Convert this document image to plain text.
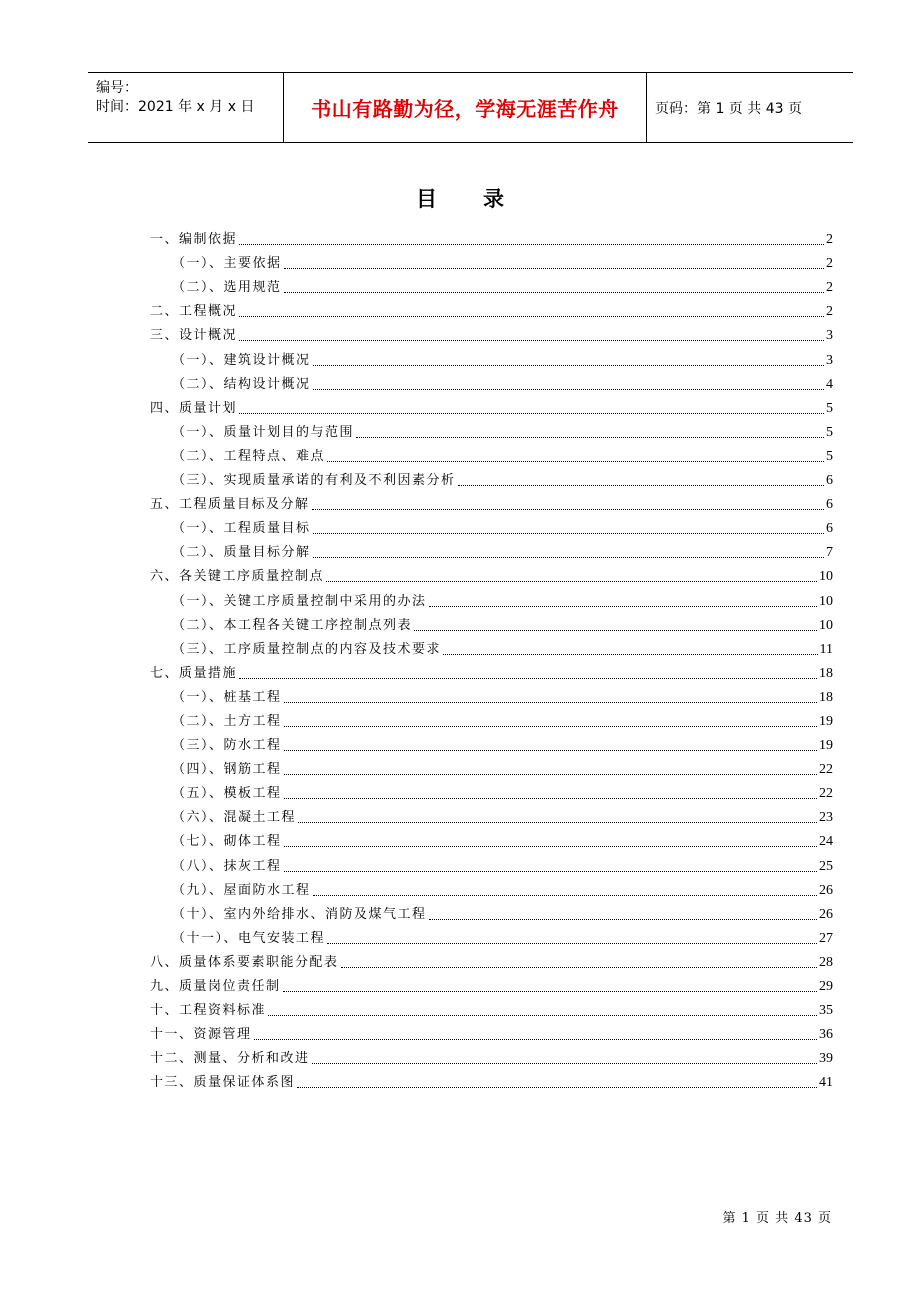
编号：
时间：2021 年 x 月 x 日	书山有路勤为径，学海无涯苦作舟	页码：第 1 页 共 43 页
目 录
一、编制依据	2
（一）、主要依据	2
（二）、选用规范	2
二、工程概况	2
三、设计概况	3
（一）、建筑设计概况	3
（二）、结构设计概况	4
四、质量计划	5
（一）、质量计划目的与范围	5
（二）、工程特点、难点	5
（三）、实现质量承诺的有利及不利因素分析	6
五、工程质量目标及分解	6
（一）、工程质量目标	6
（二）、质量目标分解	7
六、各关键工序质量控制点	10
（一）、关键工序质量控制中采用的办法	10
（二）、本工程各关键工序控制点列表	10
（三）、工序质量控制点的内容及技术要求	11
七、质量措施	18
（一）、桩基工程	18
（二）、土方工程	19
（三）、防水工程	19
（四）、钢筋工程	22
（五）、模板工程	22
（六）、混凝土工程	23
（七）、砌体工程	24
（八）、抹灰工程	25
（九）、屋面防水工程	26
（十）、室内外给排水、消防及煤气工程	26
（十一）、电气安装工程	27
八、质量体系要素职能分配表	28
九、质量岗位责任制	29
十、工程资料标准	35
十一、资源管理	36
十二、测量、分析和改进	39
十三、质量保证体系图	41
第 1 页 共 43 页
